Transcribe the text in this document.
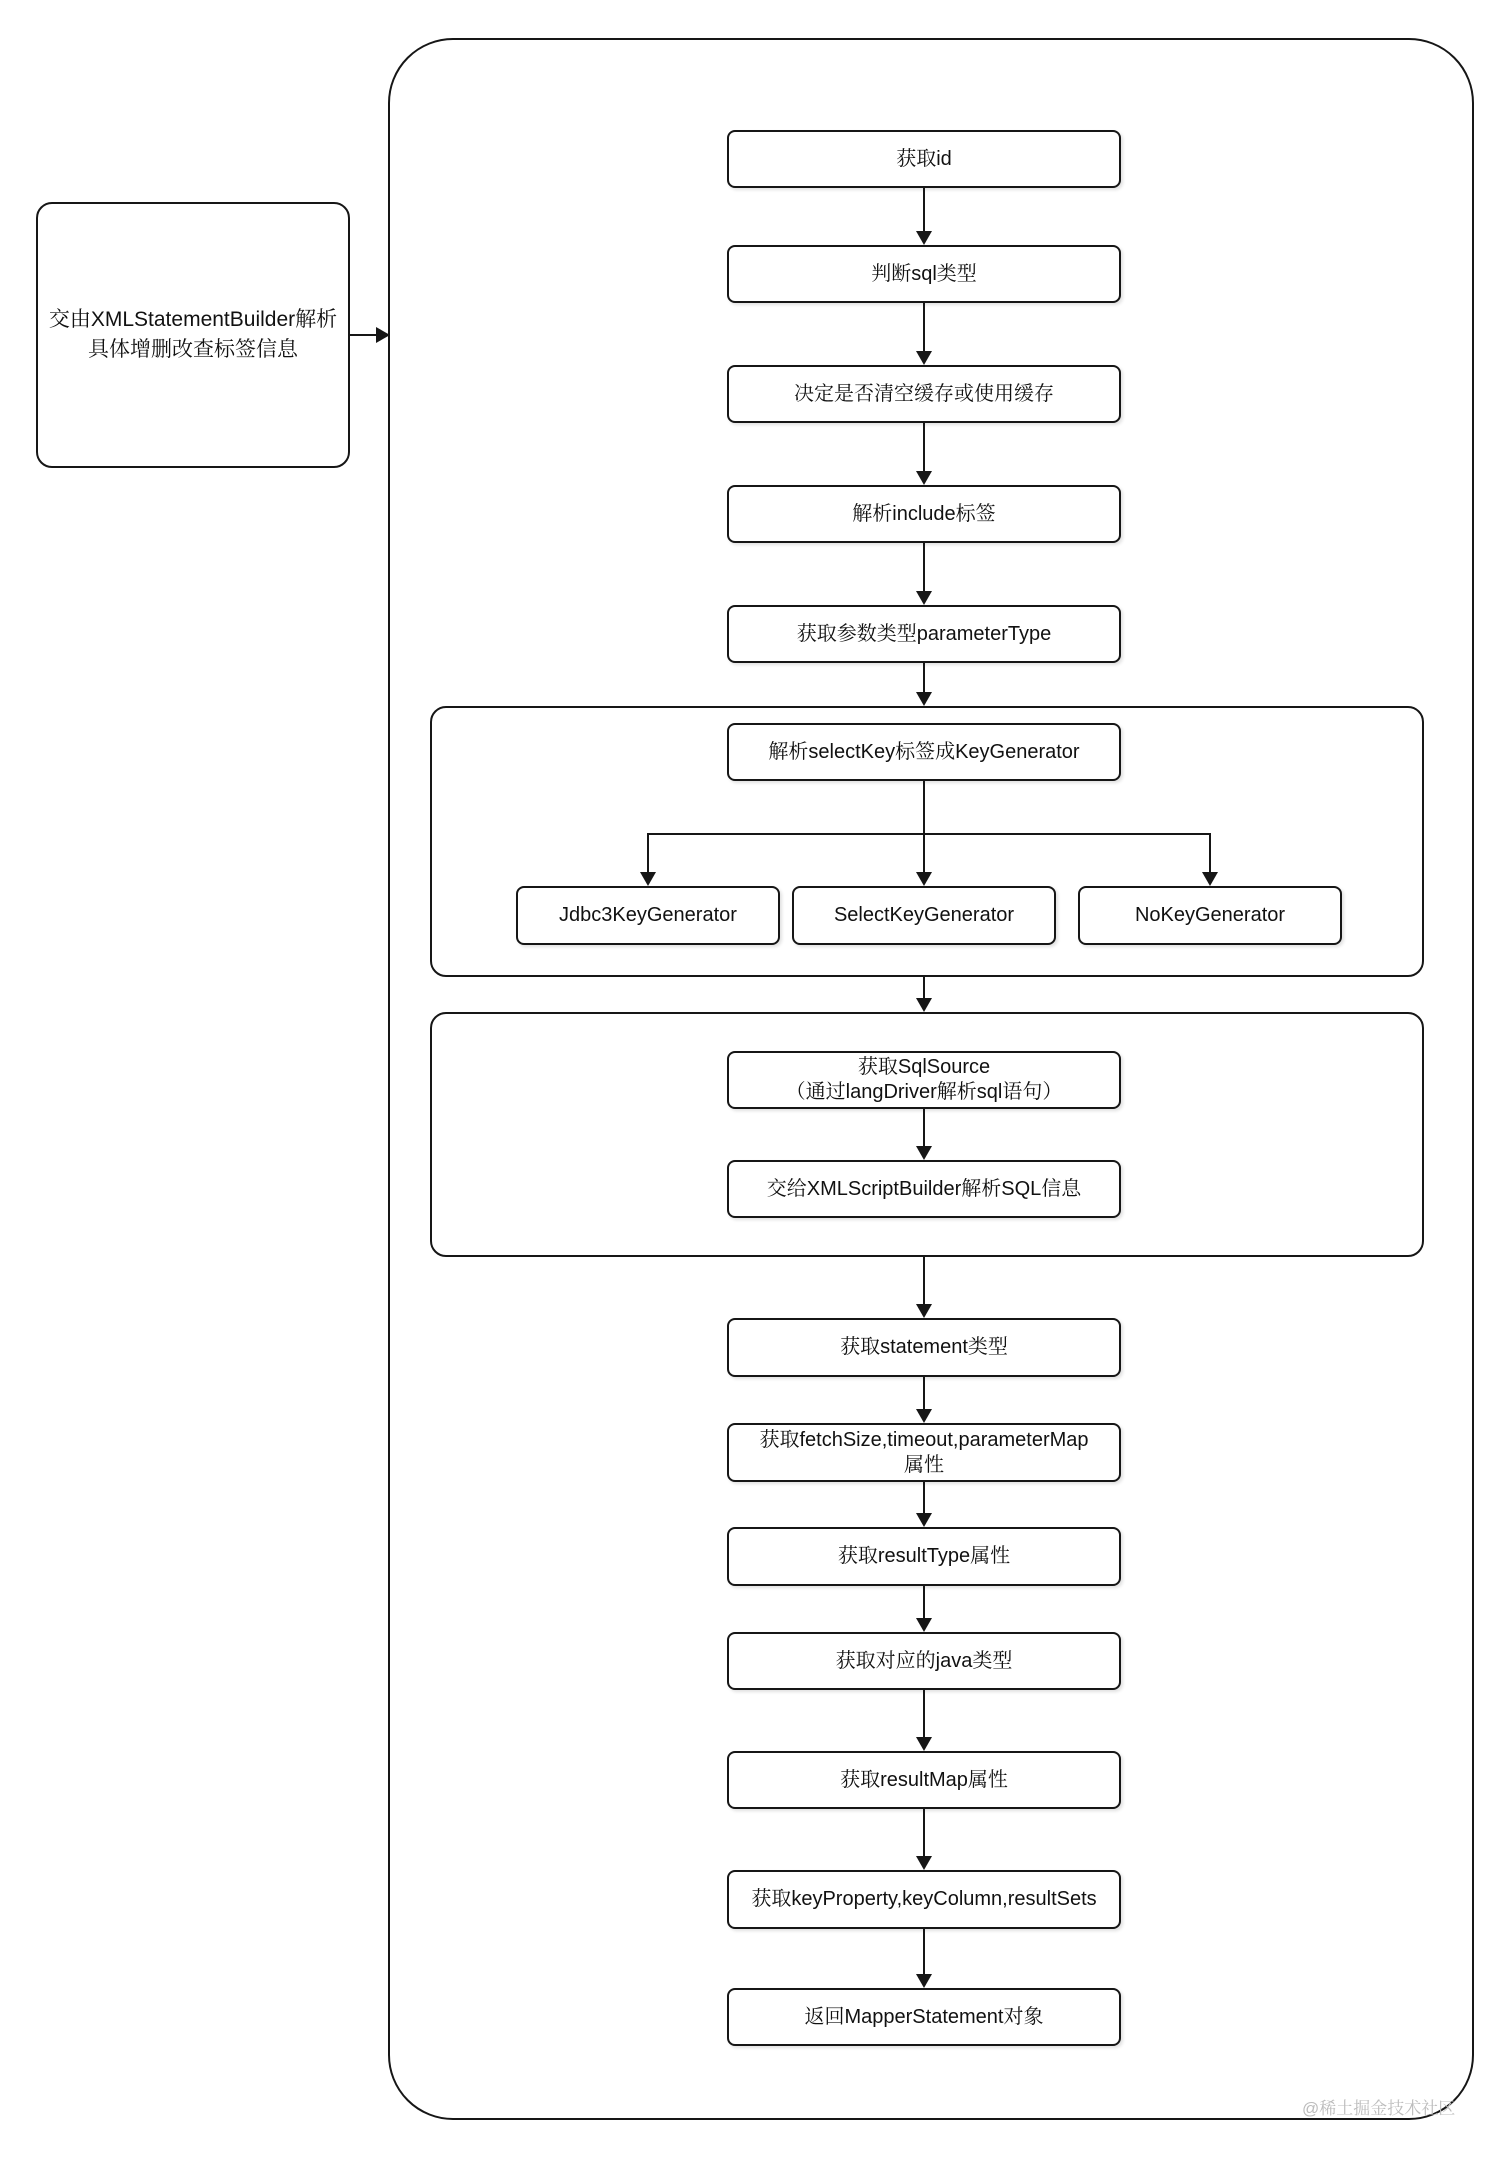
交由XMLStatementBuilder解析
具体增删改查标签信息
获取id
判断sql类型
决定是否清空缓存或使用缓存
解析include标签
获取参数类型parameterType
解析selectKey标签成KeyGenerator
Jdbc3KeyGenerator	SelectKeyGenerator	NoKeyGenerator
获取SqlSource
（通过langDriver解析sql语句）
交给XMLScriptBuilder解析SQL信息
获取statement类型
获取fetchSize,timeout,parameterMap
属性
获取resultType属性
获取对应的java类型
获取resultMap属性
获取keyProperty,keyColumn,resultSets
返回MapperStatement对象
@稀土掘金技术社区
